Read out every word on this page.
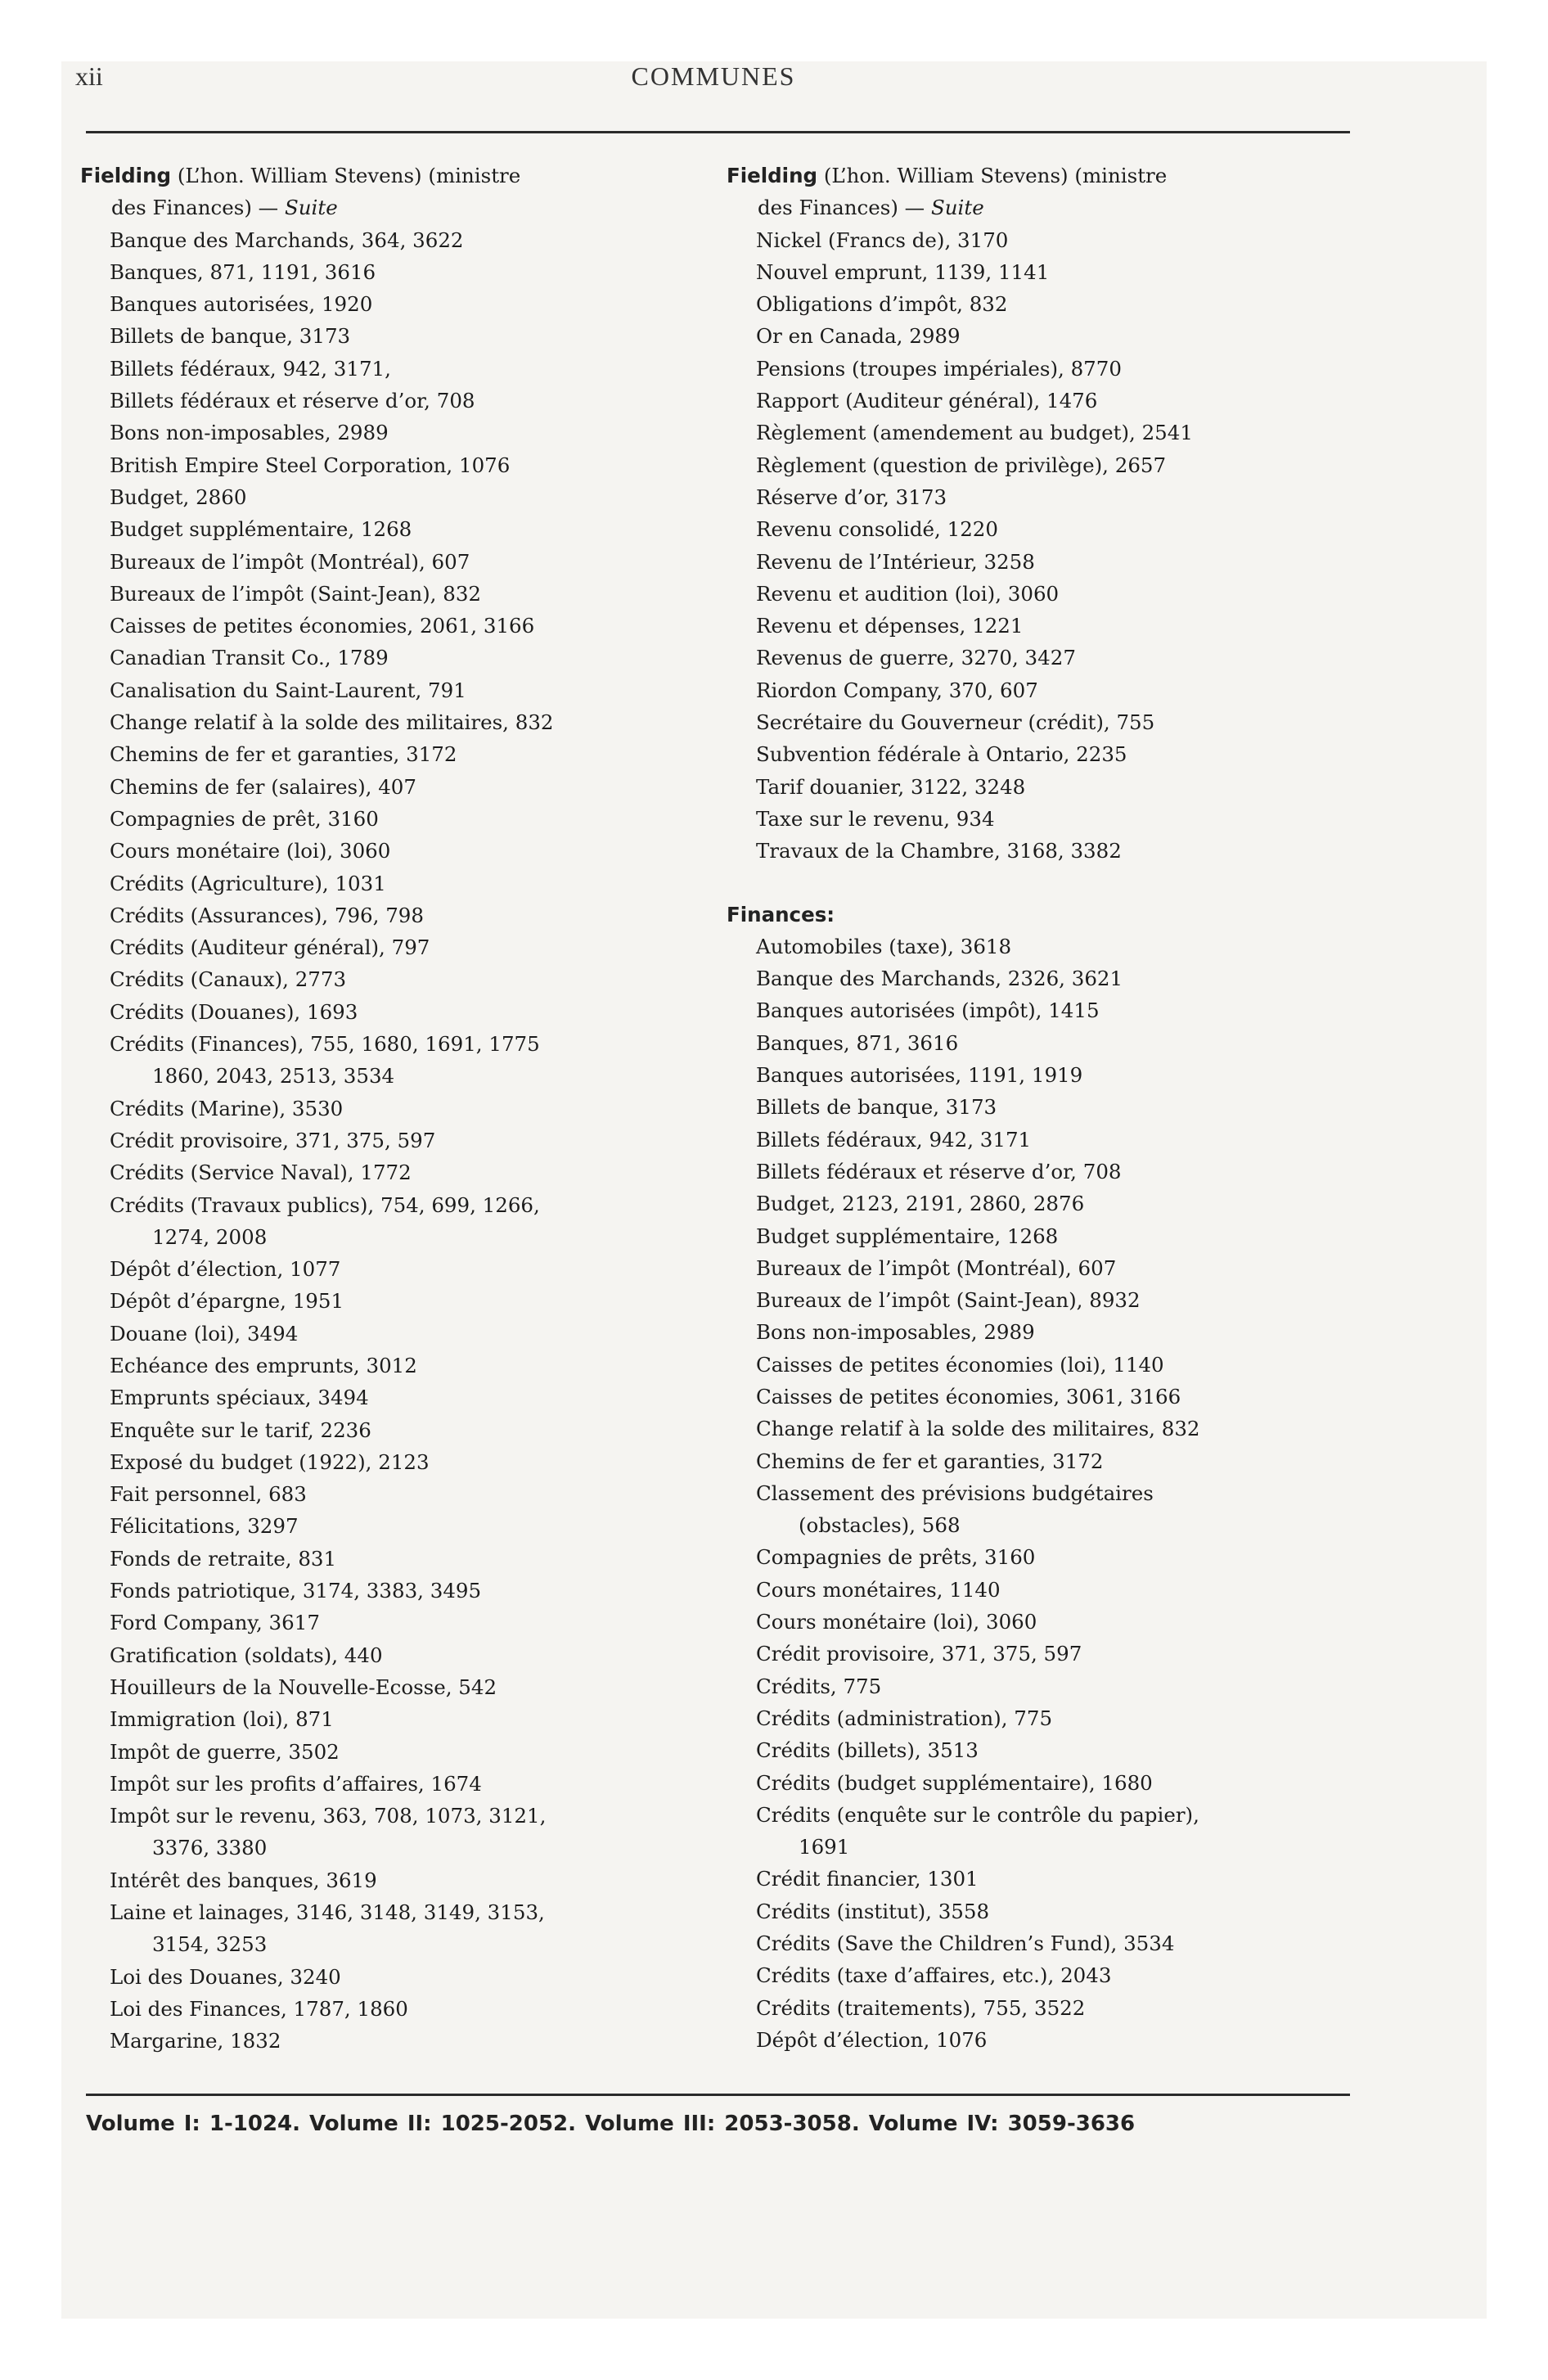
xii	COMMUNES
Fielding (L’hon. William Stevens) (ministre
des Finances) — Suite
Banque des Marchands, 364, 3622
Banques, 871, 1191, 3616
Banques autorisées, 1920
Billets de banque, 3173
Billets fédéraux, 942, 3171,
Billets fédéraux et réserve d’or, 708
Bons non-imposables, 2989
British Empire Steel Corporation, 1076
Budget, 2860
Budget supplémentaire, 1268
Bureaux de l’impôt (Montréal), 607
Bureaux de l’impôt (Saint-Jean), 832
Caisses de petites économies, 2061, 3166
Canadian Transit Co., 1789
Canalisation du Saint-Laurent, 791
Change relatif à la solde des militaires, 832
Chemins de fer et garanties, 3172
Chemins de fer (salaires), 407
Compagnies de prêt, 3160
Cours monétaire (loi), 3060
Crédits (Agriculture), 1031
Crédits (Assurances), 796, 798
Crédits (Auditeur général), 797
Crédits (Canaux), 2773
Crédits (Douanes), 1693
Crédits (Finances), 755, 1680, 1691, 1775
1860, 2043, 2513, 3534
Crédits (Marine), 3530
Crédit provisoire, 371, 375, 597
Crédits (Service Naval), 1772
Crédits (Travaux publics), 754, 699, 1266,
1274, 2008
Dépôt d’élection, 1077
Dépôt d’épargne, 1951
Douane (loi), 3494
Echéance des emprunts, 3012
Emprunts spéciaux, 3494
Enquête sur le tarif, 2236
Exposé du budget (1922), 2123
Fait personnel, 683
Félicitations, 3297
Fonds de retraite, 831
Fonds patriotique, 3174, 3383, 3495
Ford Company, 3617
Gratification (soldats), 440
Houilleurs de la Nouvelle-Ecosse, 542
Immigration (loi), 871
Impôt de guerre, 3502
Impôt sur les profits d’affaires, 1674
Impôt sur le revenu, 363, 708, 1073, 3121,
3376, 3380
Intérêt des banques, 3619
Laine et lainages, 3146, 3148, 3149, 3153,
3154, 3253
Loi des Douanes, 3240
Loi des Finances, 1787, 1860
Margarine, 1832
Fielding (L’hon. William Stevens) (ministre
des Finances) — Suite
Nickel (Francs de), 3170
Nouvel emprunt, 1139, 1141
Obligations d’impôt, 832
Or en Canada, 2989
Pensions (troupes impériales), 8770
Rapport (Auditeur général), 1476
Règlement (amendement au budget), 2541
Règlement (question de privilège), 2657
Réserve d’or, 3173
Revenu consolidé, 1220
Revenu de l’Intérieur, 3258
Revenu et audition (loi), 3060
Revenu et dépenses, 1221
Revenus de guerre, 3270, 3427
Riordon Company, 370, 607
Secrétaire du Gouverneur (crédit), 755
Subvention fédérale à Ontario, 2235
Tarif douanier, 3122, 3248
Taxe sur le revenu, 934
Travaux de la Chambre, 3168, 3382
Finances:
Automobiles (taxe), 3618
Banque des Marchands, 2326, 3621
Banques autorisées (impôt), 1415
Banques, 871, 3616
Banques autorisées, 1191, 1919
Billets de banque, 3173
Billets fédéraux, 942, 3171
Billets fédéraux et réserve d’or, 708
Budget, 2123, 2191, 2860, 2876
Budget supplémentaire, 1268
Bureaux de l’impôt (Montréal), 607
Bureaux de l’impôt (Saint-Jean), 8932
Bons non-imposables, 2989
Caisses de petites économies (loi), 1140
Caisses de petites économies, 3061, 3166
Change relatif à la solde des militaires, 832
Chemins de fer et garanties, 3172
Classement des prévisions budgétaires
(obstacles), 568
Compagnies de prêts, 3160
Cours monétaires, 1140
Cours monétaire (loi), 3060
Crédit provisoire, 371, 375, 597
Crédits, 775
Crédits (administration), 775
Crédits (billets), 3513
Crédits (budget supplémentaire), 1680
Crédits (enquête sur le contrôle du papier),
1691
Crédit financier, 1301
Crédits (institut), 3558
Crédits (Save the Children’s Fund), 3534
Crédits (taxe d’affaires, etc.), 2043
Crédits (traitements), 755, 3522
Dépôt d’élection, 1076
Volume I: 1-1024. Volume II: 1025-2052. Volume III: 2053-3058. Volume IV: 3059-3636
